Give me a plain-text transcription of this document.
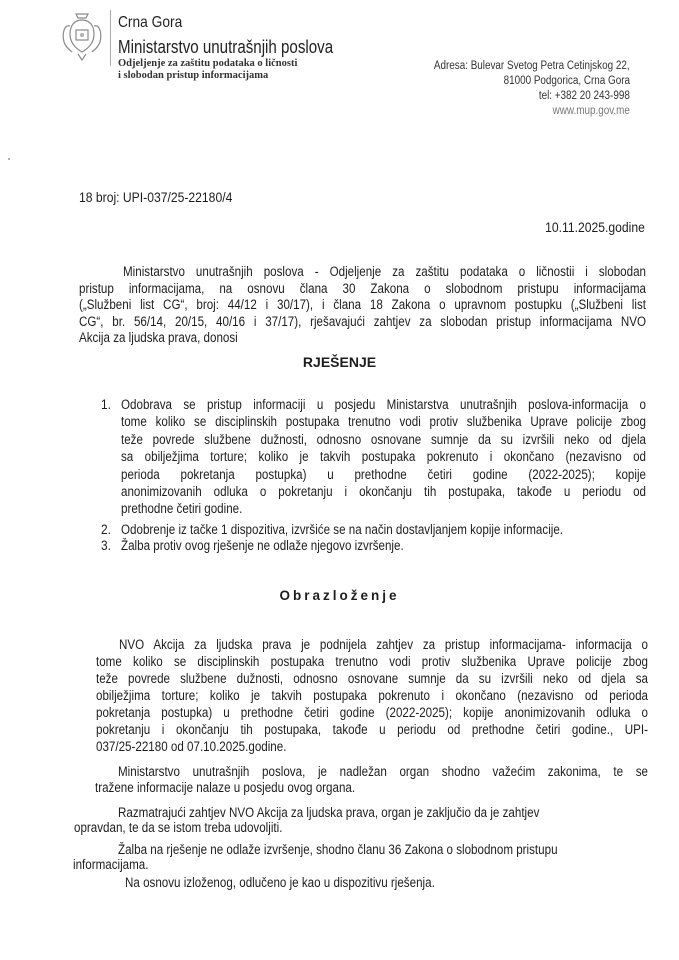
Crna Gora
Ministarstvo unutrašnjih poslova
Odjeljenje za zaštitu podataka o ličnosti
i slobodan pristup informacijama
Adresa: Bulevar Svetog Petra Cetinjskog 22,
81000 Podgorica, Crna Gora
tel: +382 20 243-998
www.mup.gov.me
18 broj: UPI-037/25-22180/4
10.11.2025.godine
RJEŠENJE
Obrazloženje
Ministarstvo unutrašnjih poslova - Odjeljenje za zaštitu podataka o ličnostii i slobodan
pristup informacijama, na osnovu člana 30 Zakona o slobodnom pristupu informacijama
(„Službeni list CG“, broj: 44/12 i 30/17), i člana 18 Zakona o upravnom postupku („Službeni list
CG“, br. 56/14, 20/15, 40/16 i 37/17), rješavajući zahtjev za slobodan pristup informacijama NVO
Akcija za ljudska prava, donosi
1. Odobrava se pristup informaciji u posjedu Ministarstva unutrašnjih poslova-informacija o
tome koliko se disciplinskih postupaka trenutno vodi protiv službenika Uprave policije zbog
teže povrede službene dužnosti, odnosno osnovane sumnje da su izvršili neko od djela
sa obilježjima torture; koliko je takvih postupaka pokrenuto i okončano (nezavisno od
perioda pokretanja postupka) u prethodne četiri godine (2022-2025); kopije
anonimizovanih odluka o pokretanju i okončanju tih postupaka, takođe u periodu od
prethodne četiri godine.
2. Odobrenje iz tačke 1 dispozitiva, izvršiće se na način dostavljanjem kopije informacije.
3. Žalba protiv ovog rješenje ne odlaže njegovo izvršenje.
NVO Akcija za ljudska prava je podnijela zahtjev za pristup informacijama- informacija o
tome koliko se disciplinskih postupaka trenutno vodi protiv službenika Uprave policije zbog
teže povrede službene dužnosti, odnosno osnovane sumnje da su izvršili neko od djela sa
obilježjima torture; koliko je takvih postupaka pokrenuto i okončano (nezavisno od perioda
pokretanja postupka) u prethodne četiri godine (2022-2025); kopije anonimizovanih odluka o
pokretanju i okončanju tih postupaka, takođe u periodu od prethodne četiri godine., UPI-
037/25-22180 od 07.10.2025.godine.
Ministarstvo unutrašnjih poslova, je nadležan organ shodno važećim zakonima, te se
tražene informacije nalaze u posjedu ovog organa.
Razmatrajući zahtjev NVO Akcija za ljudska prava, organ je zaključio da je zahtjev
opravdan, te da se istom treba udovoljiti.
Žalba na rješenje ne odlaže izvršenje, shodno članu 36 Zakona o slobodnom pristupu
informacijama.
Na osnovu izloženog, odlučeno je kao u dispozitivu rješenja.
